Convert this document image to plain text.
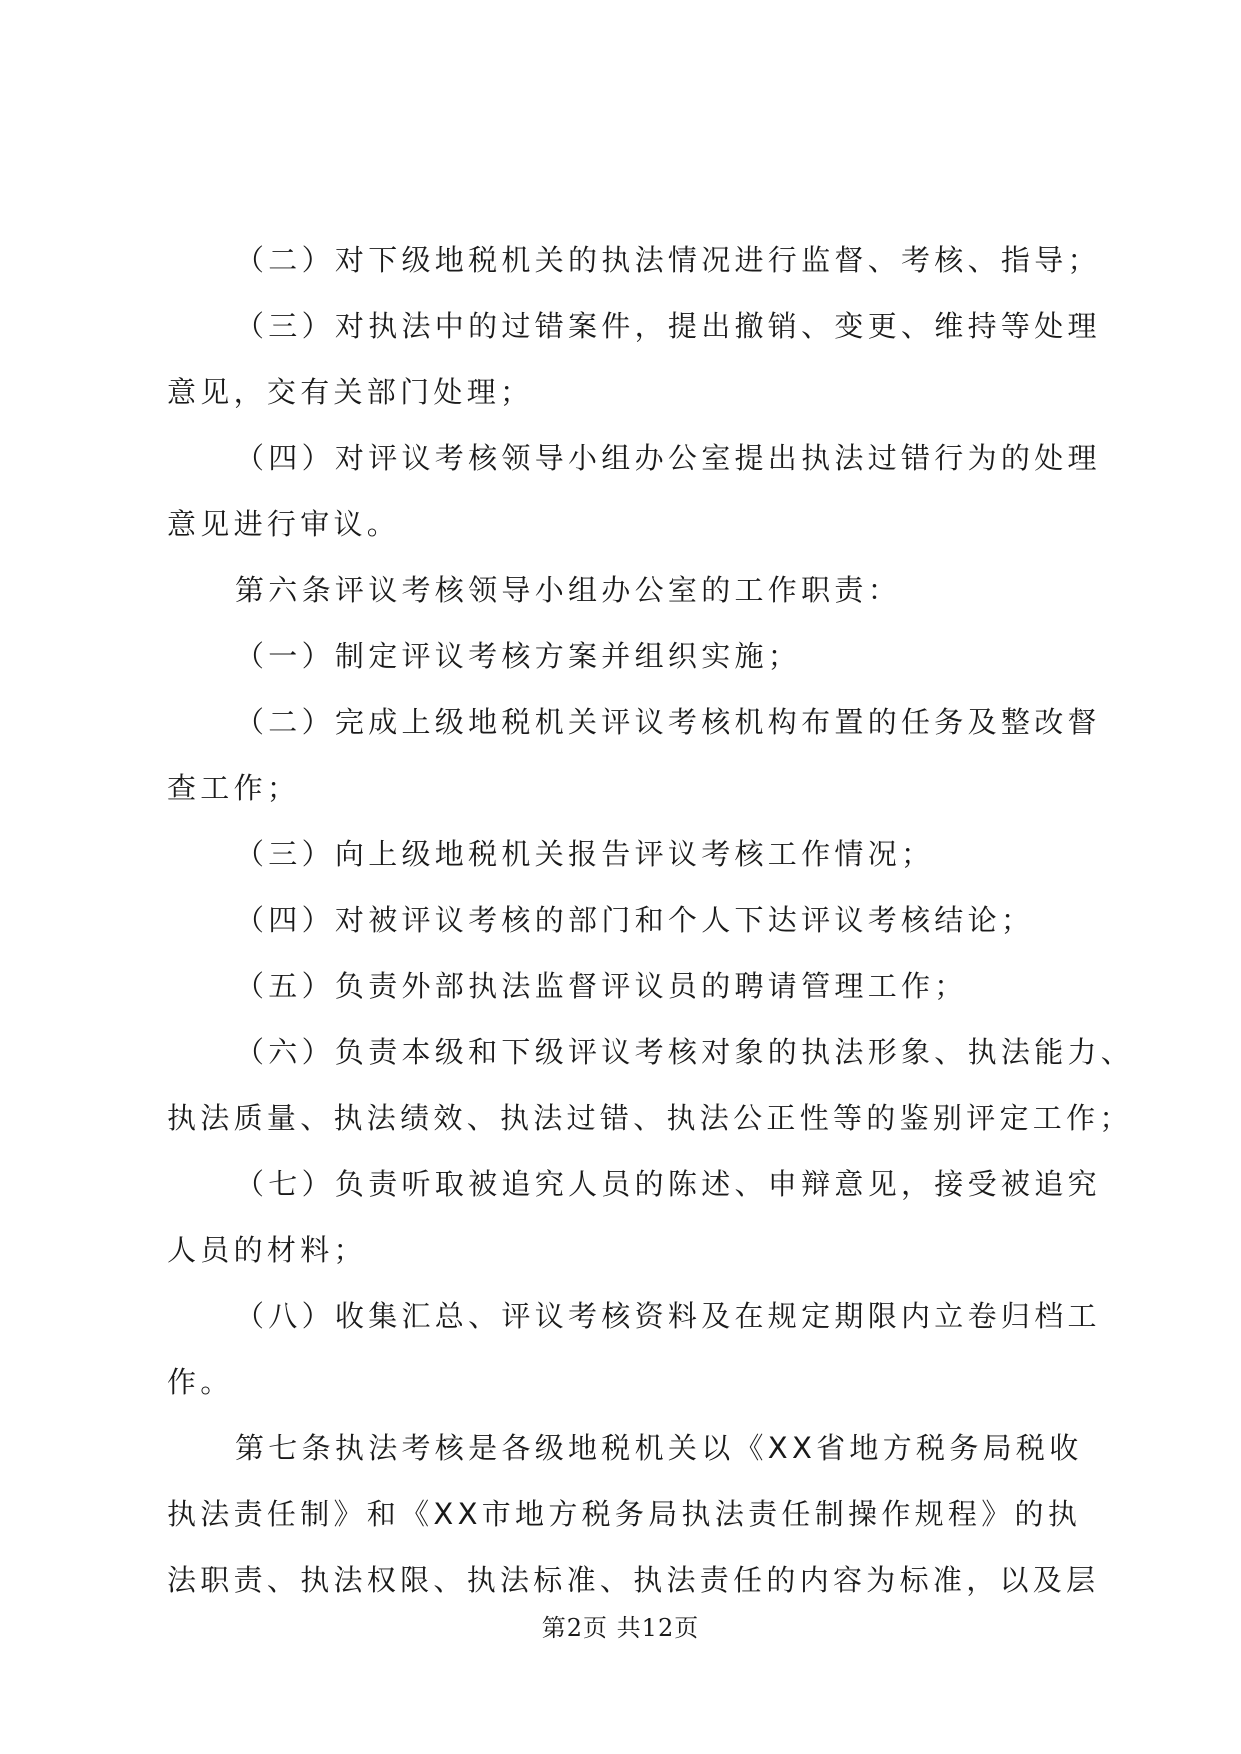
（二）对下级地税机关的执法情况进行监督、考核、指导；
（三）对执法中的过错案件，提出撤销、变更、维持等处理
意见，交有关部门处理；
（四）对评议考核领导小组办公室提出执法过错行为的处理
意见进行审议。
第六条评议考核领导小组办公室的工作职责：
（一）制定评议考核方案并组织实施；
（二）完成上级地税机关评议考核机构布置的任务及整改督
查工作；
（三）向上级地税机关报告评议考核工作情况；
（四）对被评议考核的部门和个人下达评议考核结论；
（五）负责外部执法监督评议员的聘请管理工作；
（六）负责本级和下级评议考核对象的执法形象、执法能力、
执法质量、执法绩效、执法过错、执法公正性等的鉴别评定工作；
（七）负责听取被追究人员的陈述、申辩意见，接受被追究
人员的材料；
（八）收集汇总、评议考核资料及在规定期限内立卷归档工
作。
第七条执法考核是各级地税机关以《XX省地方税务局税收
执法责任制》和《XX市地方税务局执法责任制操作规程》的执
法职责、执法权限、执法标准、执法责任的内容为标准，以及层
第2页 共12页
